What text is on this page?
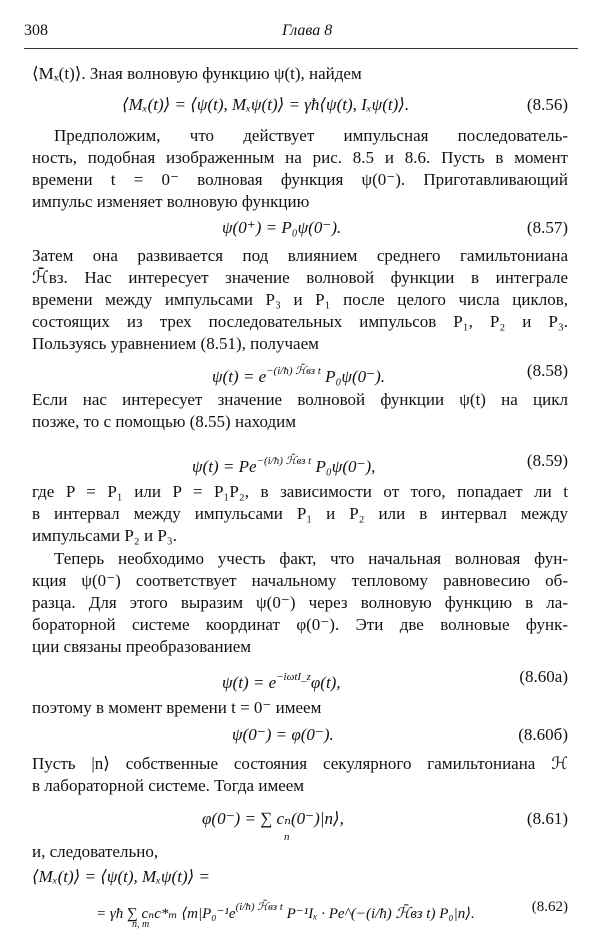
308	Глава 8
⟨Mₓ(t)⟩. Зная волновую функцию ψ(t), найдем
⟨Mₓ(t)⟩ = ⟨ψ(t), Mₓψ(t)⟩ = γħ⟨ψ(t), Iₓψ(t)⟩.	(8.56)
Предположим, что действует импульсная последователь-
ность, подобная изображенным на рис. 8.5 и 8.6. Пусть в момент
времени t = 0⁻ волновая функция ψ(0⁻). Приготавливающий
импульс изменяет волновую функцию
ψ(0⁺) = P₀ψ(0⁻).	(8.57)
Затем она развивается под влиянием среднего гамильтониана
ℋ̄вз. Нас интересует значение волновой функции в интеграле
времени между импульсами P₃ и P₁ после целого числа циклов,
состоящих из трех последовательных импульсов P₁, P₂ и P₃.
Пользуясь уравнением (8.51), получаем
$\psi(t) = e^{-(i/ħ) ℋ̄вз t}$ P₀ψ(0⁻).	(8.58)
Если нас интересует значение волновой функции ψ(t) на цикл
позже, то с помощью (8.55) находим
$\psi(t) = Pe^{-(i/ħ) ℋ̄вз t}$ P₀ψ(0⁻),	(8.59)
где P = P₁ или P = P₁P₂, в зависимости от того, попадает ли t
в интервал между импульсами P₁ и P₂ или в интервал между
импульсами P₂ и P₃.
Теперь необходимо учесть факт, что начальная волновая фун-
кция ψ(0⁻) соответствует начальному тепловому равновесию об-
разца. Для этого выразим ψ(0⁻) через волновую функцию в ла-
бораторной системе координат φ(0⁻). Эти две волновые функ-
ции связаны преобразованием
$\psi(t) = e^{-i\omega tI\_z}\varphi(t)$,	(8.60а)
поэтому в момент времени t = 0⁻ имеем
ψ(0⁻) = φ(0⁻).	(8.60б)
Пусть |n⟩ собственные состояния секулярного гамильтониана ℋ
в лабораторной системе. Тогда имеем
φ(0⁻) = ∑ cₙ(0⁻)|n⟩,
n
(8.61)
и, следовательно,
⟨Mₓ(t)⟩ = ⟨ψ(t), Mₓψ(t)⟩ =
= γħ ∑ cₙc*ₘ $⟨m|P_0^{-1}e^{(i/ħ) ℋ̄вз t}$ P⁻¹Iₓ · Pe^(−(i/ħ) ℋ̄вз t) P₀|n⟩.
n, m
(8.62)
